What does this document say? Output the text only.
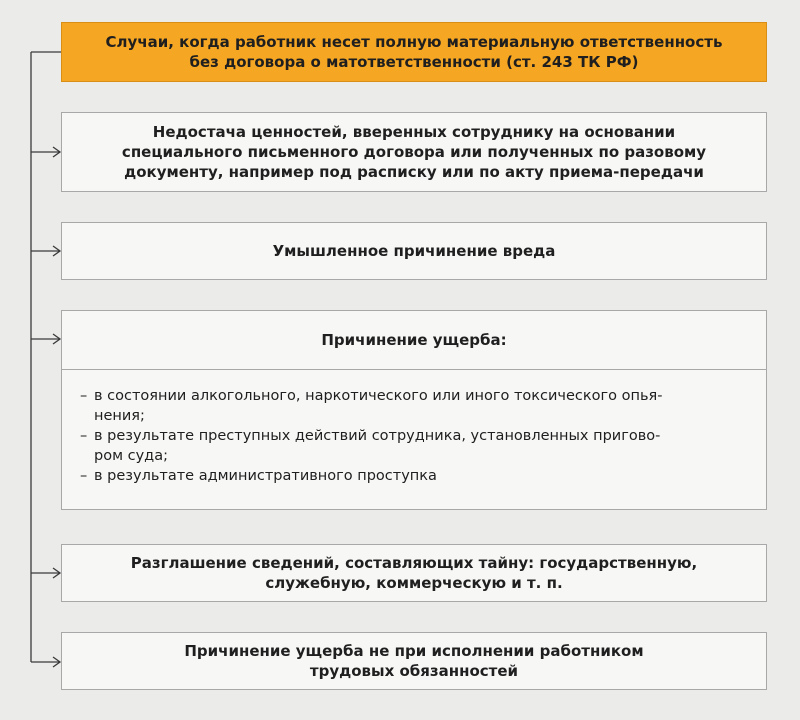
Случаи, когда работник несет полную материальную ответственность
без договора о матответственности (ст. 243 ТК РФ)
Недостача ценностей, вверенных сотруднику на основании
специального письменного договора или полученных по разовому
документу, например под расписку или по акту приема-передачи
Умышленное причинение вреда
Причинение ущерба:
– в состоянии алкогольного, наркотического или иного токсического опья-
нения;
– в результате преступных действий сотрудника, установленных пригово-
ром суда;
– в результате административного проступка
Разглашение сведений, составляющих тайну: государственную,
служебную, коммерческую и т. п.
Причинение ущерба не при исполнении работником
трудовых обязанностей
